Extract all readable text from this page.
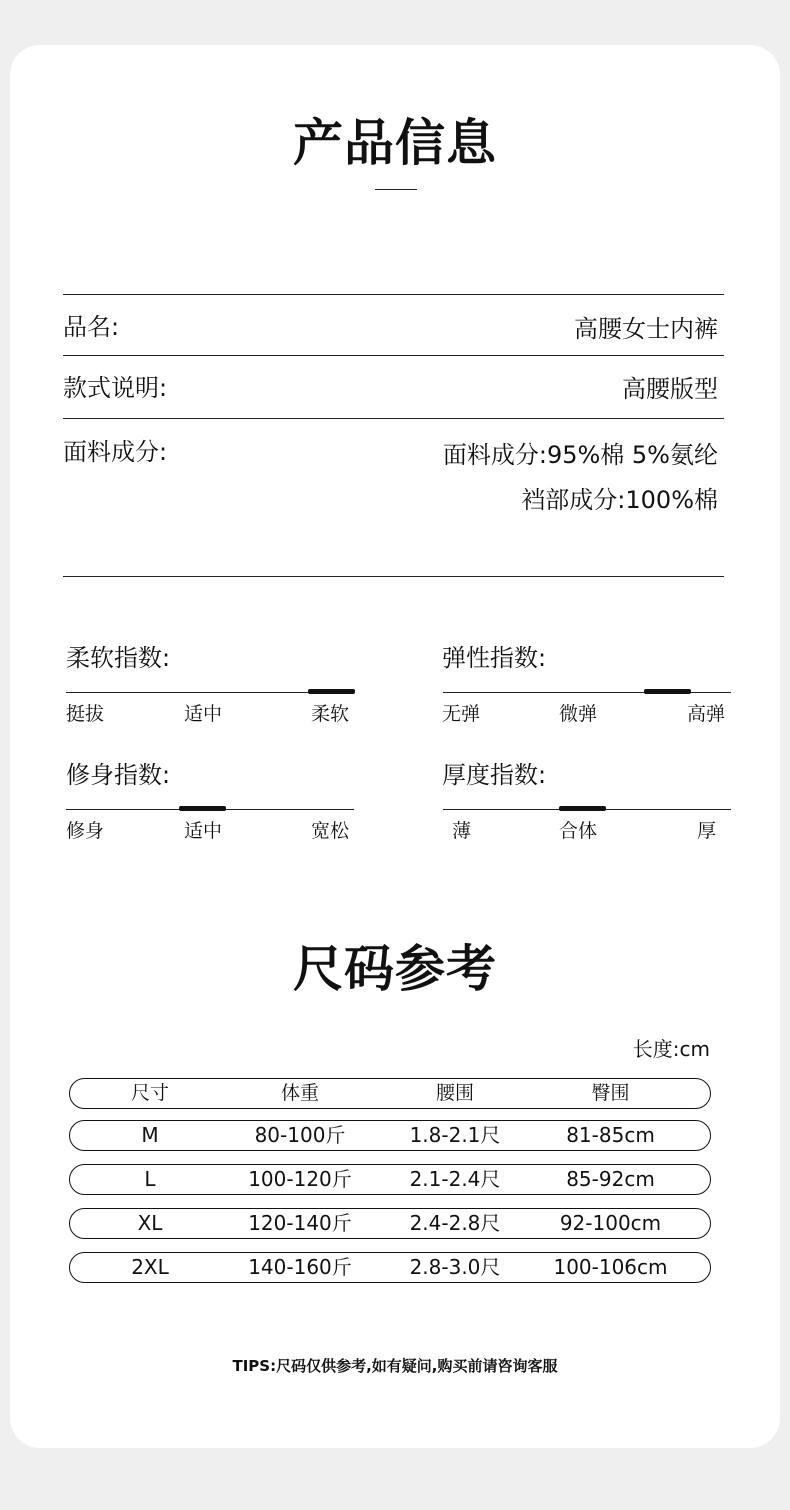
产品信息
品名:	高腰女士内裤
款式说明:	高腰版型
面料成分:	面料成分:95%棉 5%氨纶
裆部成分:100%棉
柔软指数:
挺拔	适中	柔软
弹性指数:
无弹	微弹	高弹
修身指数:
修身	适中	宽松
厚度指数:
薄	合体	厚
尺码参考
长度:cm
尺寸	体重	腰围	臀围
M	80-100斤	1.8-2.1尺	81-85cm
L	100-120斤	2.1-2.4尺	85-92cm
XL	120-140斤	2.4-2.8尺	92-100cm
2XL	140-160斤	2.8-3.0尺	100-106cm
TIPS:尺码仅供参考,如有疑问,购买前请咨询客服
